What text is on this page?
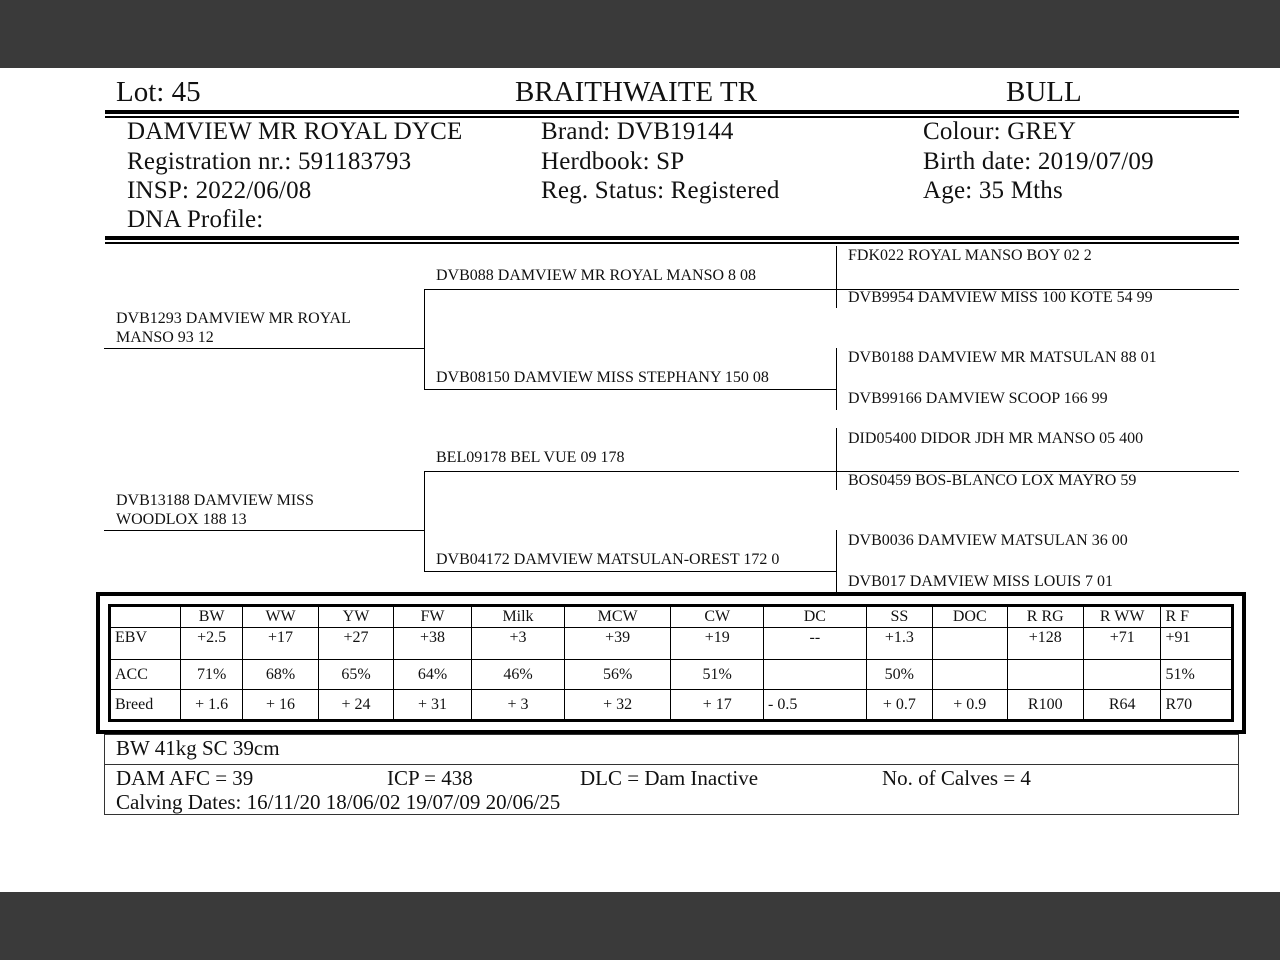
Lot: 45	BRAITHWAITE TR	BULL
DAMVIEW MR ROYAL DYCE
Registration nr.: 591183793
INSP: 2022/06/08
DNA Profile:
Brand: DVB19144
Herdbook: SP
Reg. Status: Registered
Colour: GREY
Birth date: 2019/07/09
Age: 35 Mths
DVB1293 DAMVIEW MR ROYAL
MANSO 93 12
DVB13188 DAMVIEW MISS
WOODLOX 188 13
DVB088 DAMVIEW MR ROYAL MANSO 8 08
DVB08150 DAMVIEW MISS STEPHANY 150 08
BEL09178 BEL VUE 09 178
DVB04172 DAMVIEW MATSULAN-OREST 172 0
FDK022 ROYAL MANSO BOY 02 2
DVB9954 DAMVIEW MISS 100 KOTE 54 99
DVB0188 DAMVIEW MR MATSULAN 88 01
DVB99166 DAMVIEW SCOOP 166 99
DID05400 DIDOR JDH MR MANSO 05 400
BOS0459 BOS-BLANCO LOX MAYRO 59
DVB0036 DAMVIEW MATSULAN 36 00
DVB017 DAMVIEW MISS LOUIS 7 01
	BW	WW	YW	FW	Milk	MCW	CW	DC	SS	DOC	R RG	R WW	R F
EBV	+2.5	+17	+27	+38	+3	+39	+19	--	+1.3		+128	+71	+91
ACC	71%	68%	65%	64%	46%	56%	51%		50%				51%
Breed	+ 1.6	+ 16	+ 24	+ 31	+ 3	+ 32	+ 17	- 0.5	+ 0.7	+ 0.9	R100	R64	R70
BW 41kg SC 39cm
DAM AFC = 39	ICP = 438	DLC = Dam Inactive	No. of Calves = 4
Calving Dates: 16/11/20 18/06/02 19/07/09 20/06/25
